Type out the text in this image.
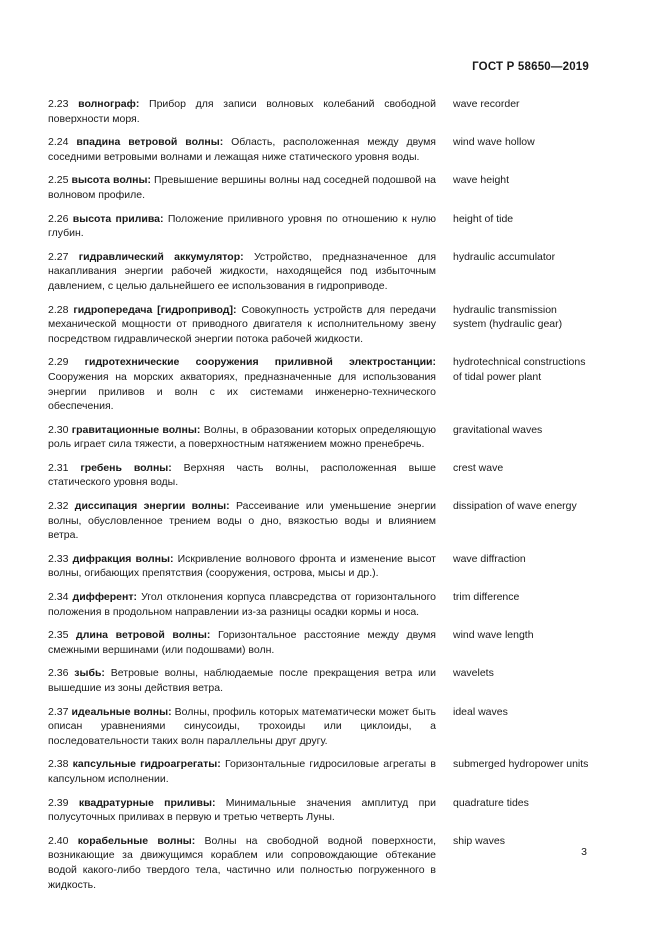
ГОСТ Р 58650—2019
2.23 волнограф: Прибор для записи волновых колебаний свободной поверхности моря.
wave recorder
2.24 впадина ветровой волны: Область, расположенная между двумя соседними ветровыми волнами и лежащая ниже статического уровня воды.
wind wave hollow
2.25 высота волны: Превышение вершины волны над соседней подошвой на волновом профиле.
wave height
2.26 высота прилива: Положение приливного уровня по отношению к нулю глубин.
height of tide
2.27 гидравлический аккумулятор: Устройство, предназначенное для накапливания энергии рабочей жидкости, находящейся под избыточным давлением, с целью дальнейшего ее использования в гидроприводе.
hydraulic accumulator
2.28 гидропередача [гидропривод]: Совокупность устройств для передачи механической мощности от приводного двигателя к исполнительному звену посредством гидравлической энергии потока рабочей жидкости.
hydraulic transmission system (hydraulic gear)
2.29 гидротехнические сооружения приливной электростанции: Сооружения на морских акваториях, предназначенные для использования энергии приливов и волн с их системами инженерно-технического обеспечения.
hydrotechnical constructions of tidal power plant
2.30 гравитационные волны: Волны, в образовании которых определяющую роль играет сила тяжести, а поверхностным натяжением можно пренебречь.
gravitational waves
2.31 гребень волны: Верхняя часть волны, расположенная выше статического уровня воды.
crest wave
2.32 диссипация энергии волны: Рассеивание или уменьшение энергии волны, обусловленное трением воды о дно, вязкостью воды и влиянием ветра.
dissipation of wave energy
2.33 дифракция волны: Искривление волнового фронта и изменение высот волны, огибающих препятствия (сооружения, острова, мысы и др.).
wave diffraction
2.34 дифферент: Угол отклонения корпуса плавсредства от горизонтального положения в продольном направлении из-за разницы осадки кормы и носа.
trim difference
2.35 длина ветровой волны: Горизонтальное расстояние между двумя смежными вершинами (или подошвами) волн.
wind wave length
2.36 зыбь: Ветровые волны, наблюдаемые после прекращения ветра или вышедшие из зоны действия ветра.
wavelets
2.37 идеальные волны: Волны, профиль которых математически может быть описан уравнениями синусоиды, трохоиды или циклоиды, а последовательности таких волн параллельны друг другу.
ideal waves
2.38 капсульные гидроагрегаты: Горизонтальные гидросиловые агрегаты в капсульном исполнении.
submerged hydropower units
2.39 квадратурные приливы: Минимальные значения амплитуд при полусуточных приливах в первую и третью четверть Луны.
quadrature tides
2.40 корабельные волны: Волны на свободной водной поверхности, возникающие за движущимся кораблем или сопровождающие обтекание водой какого-либо твердого тела, частично или полностью погруженного в жидкость.
ship waves
3
